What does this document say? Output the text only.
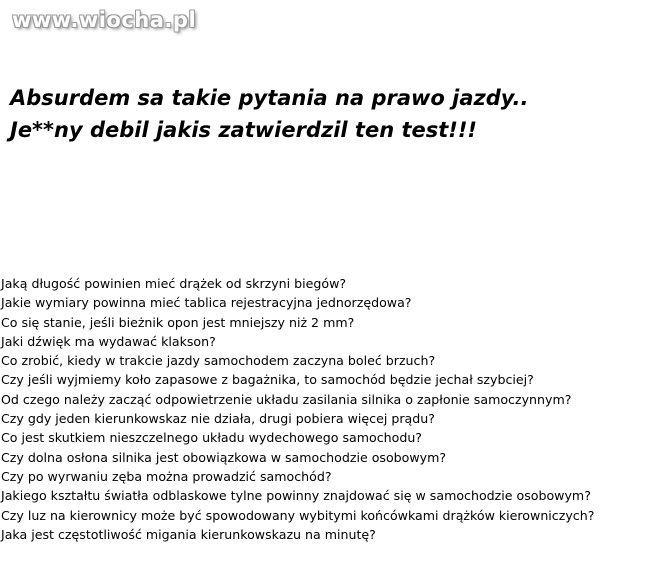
www.wiocha.pl
Absurdem sa takie pytania na prawo jazdy..
Je**ny debil jakis zatwierdzil ten test!!!
Jaką długość powinien mieć drążek od skrzyni biegów?
Jakie wymiary powinna mieć tablica rejestracyjna jednorzędowa?
Co się stanie, jeśli bieżnik opon jest mniejszy niż 2 mm?
Jaki dźwięk ma wydawać klakson?
Co zrobić, kiedy w trakcie jazdy samochodem zaczyna boleć brzuch?
Czy jeśli wyjmiemy koło zapasowe z bagażnika, to samochód będzie jechał szybciej?
Od czego należy zacząć odpowietrzenie układu zasilania silnika o zapłonie samoczynnym?
Czy gdy jeden kierunkowskaz nie działa, drugi pobiera więcej prądu?
Co jest skutkiem nieszczelnego układu wydechowego samochodu?
Czy dolna osłona silnika jest obowiązkowa w samochodzie osobowym?
Czy po wyrwaniu zęba można prowadzić samochód?
Jakiego kształtu światła odblaskowe tylne powinny znajdować się w samochodzie osobowym?
Czy luz na kierownicy może być spowodowany wybitymi końcówkami drążków kierowniczych?
Jaka jest częstotliwość migania kierunkowskazu na minutę?
